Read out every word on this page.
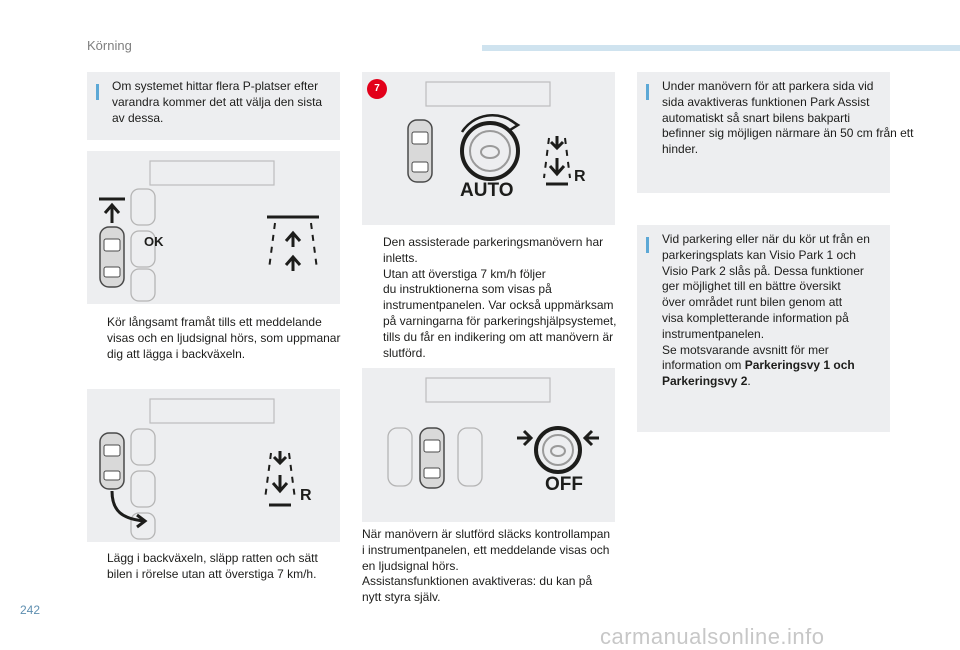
Körning
Om systemet hittar flera P-platser efter
varandra kommer det att välja den sista
av dessa.
OK
Kör långsamt framåt tills ett meddelande
visas och en ljudsignal hörs, som uppmanar
dig att lägga i backväxeln.
R
Lägg i backväxeln, släpp ratten och sätt
bilen i rörelse utan att överstiga 7 km/h.
7
AUTO
R
Den assisterade parkeringsmanövern har
inletts.
Utan att överstiga 7 km/h följer
du instruktionerna som visas på
instrumentpanelen. Var också uppmärksam
på varningarna för parkeringshjälpsystemet,
tills du får en indikering om att manövern är
slutförd.
OFF
När manövern är slutförd släcks kontrollampan
i instrumentpanelen, ett meddelande visas och
en ljudsignal hörs.
Assistansfunktionen avaktiveras: du kan på
nytt styra själv.
Under manövern för att parkera sida vid
sida avaktiveras funktionen Park Assist
automatiskt så snart bilens bakparti
befinner sig möjligen närmare än 50 cm från ett
hinder.
Vid parkering eller när du kör ut från en
parkeringsplats kan Visio Park 1 och
Visio Park 2 slås på. Dessa funktioner
ger möjlighet till en bättre översikt
över området runt bilen genom att
visa kompletterande information på
instrumentpanelen.
Se motsvarande avsnitt för mer
information om Parkeringsvy 1 och
Parkeringsvy 2.
242
carmanualsonline.info
